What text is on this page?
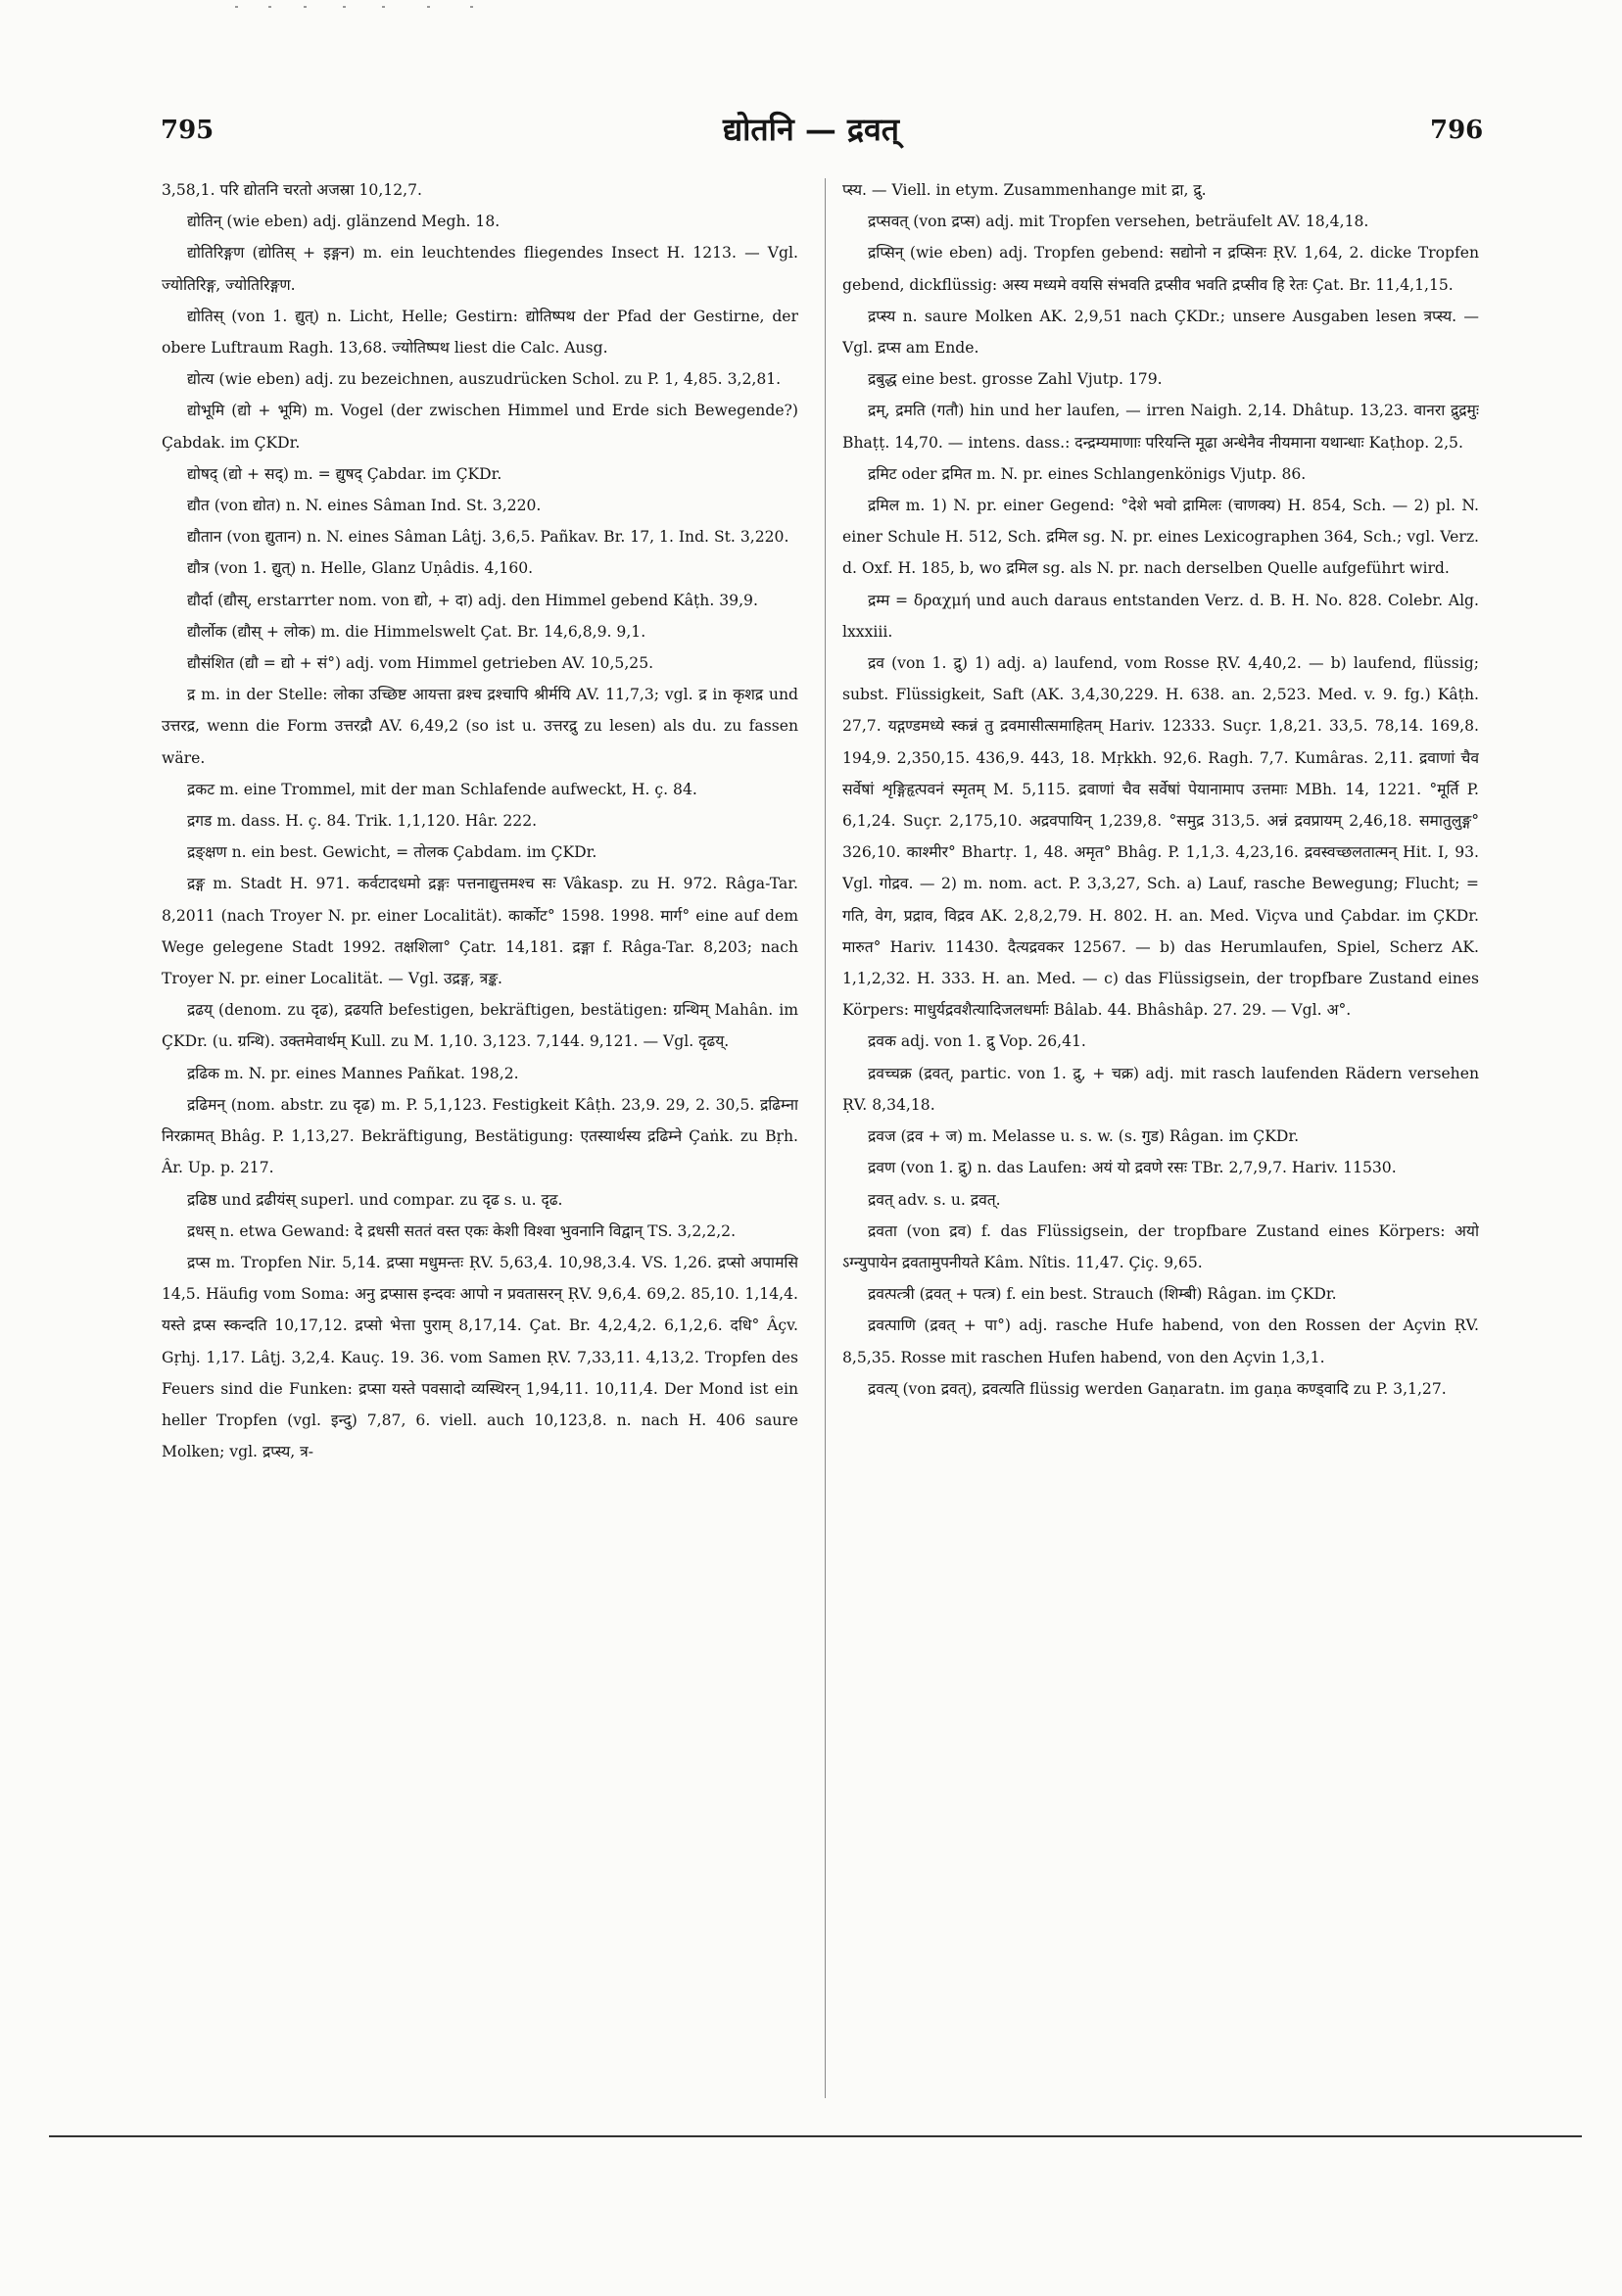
795	द्योतनि — द्रवत्	796

3,58,1. परि द्योतनि चरतो अजस्रा 10,12,7.

द्योतिन् (wie eben) adj. glänzend Megh. 18.

द्योतिरिङ्गण (द्योतिस् + इङ्गन) m. ein leuchtendes fliegendes Insect H. 1213. — Vgl. ज्योतिरिङ्ग, ज्योतिरिङ्गण.

द्योतिस् (von 1. द्युत्) n. Licht, Helle; Gestirn: द्योतिष्पथ der Pfad der Gestirne, der obere Luftraum Ragh. 13,68. ज्योतिष्पथ liest die Calc. Ausg.

द्योत्य (wie eben) adj. zu bezeichnen, auszudrücken Schol. zu P. 1, 4,85. 3,2,81.

द्योभूमि (द्यो + भूमि) m. Vogel (der zwischen Himmel und Erde sich Bewegende?) Çabdak. im ÇKDr.

द्योषद् (द्यो + सद्) m. = द्युषद् Çabdar. im ÇKDr.

द्यौत (von द्योत) n. N. eines Sâman Ind. St. 3,220.

द्यौतान (von द्युतान) n. N. eines Sâman Lâṭj. 3,6,5. Pañkav. Br. 17, 1. Ind. St. 3,220.

द्यौत्र (von 1. द्युत्) n. Helle, Glanz Uṇâdis. 4,160.

द्यौर्दा (द्यौस्, erstarrter nom. von द्यो, + दा) adj. den Himmel gebend Kâṭh. 39,9.

द्यौर्लोक (द्यौस् + लोक) m. die Himmelswelt Çat. Br. 14,6,8,9. 9,1.

द्यौसंशित (द्यौ = द्यो + सं°) adj. vom Himmel getrieben AV. 10,5,25.

द्र m. in der Stelle: लोका उच्छिष्ट आयत्ता व्रश्च द्रश्चापि श्रीर्मयि AV. 11,7,3; vgl. द्र in कृशद्र und उत्तरद्र, wenn die Form उत्तरद्रौ AV. 6,49,2 (so ist u. उत्तरद्रु zu lesen) als du. zu fassen wäre.

द्रकट m. eine Trommel, mit der man Schlafende aufweckt, H. ç. 84.

द्रगड m. dass. H. ç. 84. Trik. 1,1,120. Hâr. 222.

द्रङ्क्षण n. ein best. Gewicht, = तोलक Çabdam. im ÇKDr.

द्रङ्ग m. Stadt H. 971. कर्वटादधमो द्रङ्गः पत्तनाद्युत्तमश्च सः Vâkasp. zu H. 972. Râga-Tar. 8,2011 (nach Troyer N. pr. einer Localität). कार्कोट° 1598. 1998. मार्ग° eine auf dem Wege gelegene Stadt 1992. तक्षशिला° Çatr. 14,181. द्रङ्गा f. Râga-Tar. 8,203; nach Troyer N. pr. einer Localität. — Vgl. उद्रङ्ग, त्रङ्क.

द्रढय् (denom. zu दृढ), द्रढयति befestigen, bekräftigen, bestätigen: ग्रन्थिम् Mahân. im ÇKDr. (u. ग्रन्थि). उक्तमेवार्थम् Kull. zu M. 1,10. 3,123. 7,144. 9,121. — Vgl. दृढय्.

द्रढिक m. N. pr. eines Mannes Pañkat. 198,2.

द्रढिमन् (nom. abstr. zu दृढ) m. P. 5,1,123. Festigkeit Kâṭh. 23,9. 29, 2. 30,5. द्रढिम्ना निरक्रामत् Bhâg. P. 1,13,27. Bekräftigung, Bestätigung: एतस्यार्थस्य द्रढिम्ने Çaṅk. zu Bṛh. Âr. Up. p. 217.

द्रढिष्ठ und द्रढीयंस् superl. und compar. zu दृढ s. u. दृढ.

द्रधस् n. etwa Gewand: दे द्रधसी सततं वस्त एकः केशी विश्वा भुवनानि विद्वान् TS. 3,2,2,2.

द्रप्स m. Tropfen Nir. 5,14. द्रप्सा मधुमन्तः ṚV. 5,63,4. 10,98,3.4. VS. 1,26. द्रप्सो अपामसि 14,5. Häufig vom Soma: अनु द्रप्सास इन्दवः आपो न प्रवतासरन् ṚV. 9,6,4. 69,2. 85,10. 1,14,4. यस्ते द्रप्स स्कन्दति 10,17,12. द्रप्सो भेत्ता पुराम् 8,17,14. Çat. Br. 4,2,4,2. 6,1,2,6. दधि° Âçv. Gṛhj. 1,17. Lâṭj. 3,2,4. Kauç. 19. 36. vom Samen ṚV. 7,33,11. 4,13,2. Tropfen des Feuers sind die Funken: द्रप्सा यस्ते पवसादो व्यस्थिरन् 1,94,11. 10,11,4. Der Mond ist ein heller Tropfen (vgl. इन्दु) 7,87, 6. viell. auch 10,123,8. n. nach H. 406 saure Molken; vgl. द्रप्स्य, त्र-

प्स्य. — Viell. in etym. Zusammenhange mit द्रा, द्रु.

द्रप्सवत् (von द्रप्स) adj. mit Tropfen versehen, beträufelt AV. 18,4,18.

द्रप्सिन् (wie eben) adj. Tropfen gebend: सद्योनो न द्रप्सिनः ṚV. 1,64, 2. dicke Tropfen gebend, dickflüssig: अस्य मध्यमे वयसि संभवति द्रप्सीव भवति द्रप्सीव हि रेतः Çat. Br. 11,4,1,15.

द्रप्स्य n. saure Molken AK. 2,9,51 nach ÇKDr.; unsere Ausgaben lesen त्रप्स्य. — Vgl. द्रप्स am Ende.

द्रबुद्ध eine best. grosse Zahl Vjutp. 179.

द्रम्, द्रमति (गतौ) hin und her laufen, — irren Naigh. 2,14. Dhâtup. 13,23. वानरा द्रुद्रमुः Bhaṭṭ. 14,70. — intens. dass.: दन्द्रम्यमाणाः परियन्ति मूढा अन्धेनैव नीयमाना यथान्धाः Kaṭhop. 2,5.

द्रमिट oder द्रमित m. N. pr. eines Schlangenkönigs Vjutp. 86.

द्रमिल m. 1) N. pr. einer Gegend: °देशे भवो द्रामिलः (चाणक्य) H. 854, Sch. — 2) pl. N. einer Schule H. 512, Sch. द्रमिल sg. N. pr. eines Lexicographen 364, Sch.; vgl. Verz. d. Oxf. H. 185, b, wo द्रमिल sg. als N. pr. nach derselben Quelle aufgeführt wird.

द्रम्म = δραχμή und auch daraus entstanden Verz. d. B. H. No. 828. Colebr. Alg. lxxxiii.

द्रव (von 1. द्रु) 1) adj. a) laufend, vom Rosse ṚV. 4,40,2. — b) laufend, flüssig; subst. Flüssigkeit, Saft (AK. 3,4,30,229. H. 638. an. 2,523. Med. v. 9. fg.) Kâṭh. 27,7. यद्गण्डमध्ये स्कन्नं तु द्रवमासीत्समाहितम् Hariv. 12333. Suçr. 1,8,21. 33,5. 78,14. 169,8. 194,9. 2,350,15. 436,9. 443, 18. Mṛkkh. 92,6. Ragh. 7,7. Kumâras. 2,11. द्रवाणां चैव सर्वेषां शृङ्गिहृत्पवनं स्मृतम् M. 5,115. द्रवाणां चैव सर्वेषां पेयानामाप उत्तमाः MBh. 14, 1221. °मूर्ति P. 6,1,24. Suçr. 2,175,10. अद्रवपायिन् 1,239,8. °समुद्र 313,5. अन्नं द्रवप्रायम् 2,46,18. समातुलुङ्ग° 326,10. काश्मीर° Bhartṛ. 1, 48. अमृत° Bhâg. P. 1,1,3. 4,23,16. द्रवस्वच्छलतात्मन् Hit. I, 93. Vgl. गोद्रव. — 2) m. nom. act. P. 3,3,27, Sch. a) Lauf, rasche Bewegung; Flucht; = गति, वेग, प्रद्राव, विद्रव AK. 2,8,2,79. H. 802. H. an. Med. Viçva und Çabdar. im ÇKDr. मारुत° Hariv. 11430. दैत्यद्रवकर 12567. — b) das Herumlaufen, Spiel, Scherz AK. 1,1,2,32. H. 333. H. an. Med. — c) das Flüssigsein, der tropfbare Zustand eines Körpers: माधुर्यद्रवशैत्यादिजलधर्माः Bâlab. 44. Bhâshâp. 27. 29. — Vgl. अ°.

द्रवक adj. von 1. द्रु Vop. 26,41.

द्रवच्चक्र (द्रवत्, partic. von 1. द्रु, + चक्र) adj. mit rasch laufenden Rädern versehen ṚV. 8,34,18.

द्रवज (द्रव + ज) m. Melasse u. s. w. (s. गुड) Râgan. im ÇKDr.

द्रवण (von 1. द्रु) n. das Laufen: अयं यो द्रवणे रसः TBr. 2,7,9,7. Hariv. 11530.

द्रवत् adv. s. u. द्रवत्.

द्रवता (von द्रव) f. das Flüssigsein, der tropfbare Zustand eines Körpers: अयो ऽग्न्युपायेन द्रवतामुपनीयते Kâm. Nîtis. 11,47. Çiç. 9,65.

द्रवत्पत्त्री (द्रवत् + पत्त्र) f. ein best. Strauch (शिम्बी) Râgan. im ÇKDr.

द्रवत्पाणि (द्रवत् + पा°) adj. rasche Hufe habend, von den Rossen der Açvin ṚV. 8,5,35. Rosse mit raschen Hufen habend, von den Açvin 1,3,1.

द्रवत्य् (von द्रवत्), द्रवत्यति flüssig werden Gaṇaratn. im gaṇa कण्ड्वादि zu P. 3,1,27.
